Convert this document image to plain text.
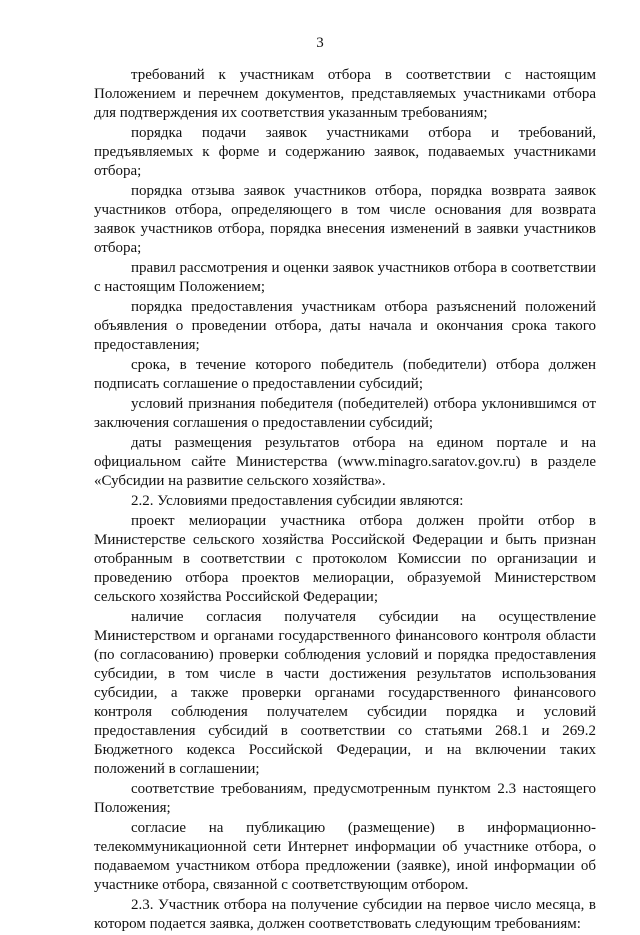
3

требований к участникам отбора в соответствии с настоящим Положением и перечнем документов, представляемых участниками отбора для подтверждения их соответствия указанным требованиям;

порядка подачи заявок участниками отбора и требований, предъявляемых к форме и содержанию заявок, подаваемых участниками отбора;

порядка отзыва заявок участников отбора, порядка возврата заявок участников отбора, определяющего в том числе основания для возврата заявок участников отбора, порядка внесения изменений в заявки участников отбора;

правил рассмотрения и оценки заявок участников отбора в соответствии с настоящим Положением;

порядка предоставления участникам отбора разъяснений положений объявления о проведении отбора, даты начала и окончания срока такого предоставления;

срока, в течение которого победитель (победители) отбора должен подписать соглашение о предоставлении субсидий;

условий признания победителя (победителей) отбора уклонившимся от заключения соглашения о предоставлении субсидий;

даты размещения результатов отбора на едином портале и на официальном сайте Министерства (www.minagro.saratov.gov.ru) в разделе «Субсидии на развитие сельского хозяйства».

2.2. Условиями предоставления субсидии являются:

проект мелиорации участника отбора должен пройти отбор в Министерстве сельского хозяйства Российской Федерации и быть признан отобранным в соответствии с протоколом Комиссии по организации и проведению отбора проектов мелиорации, образуемой Министерством сельского хозяйства Российской Федерации;

наличие согласия получателя субсидии на осуществление Министерством и органами государственного финансового контроля области (по согласованию) проверки соблюдения условий и порядка предоставления субсидии, в том числе в части достижения результатов использования субсидии, а также проверки органами государственного финансового контроля соблюдения получателем субсидии порядка и условий предоставления субсидий в соответствии со статьями 268.1 и 269.2 Бюджетного кодекса Российской Федерации, и на включении таких положений в соглашении;

соответствие требованиям, предусмотренным пунктом 2.3 настоящего Положения;

согласие на публикацию (размещение) в информационно-телекоммуникационной сети Интернет информации об участнике отбора, о подаваемом участником отбора предложении (заявке), иной информации об участнике отбора, связанной с соответствующим отбором.

2.3. Участник отбора на получение субсидии на первое число месяца, в котором подается заявка, должен соответствовать следующим требованиям:
